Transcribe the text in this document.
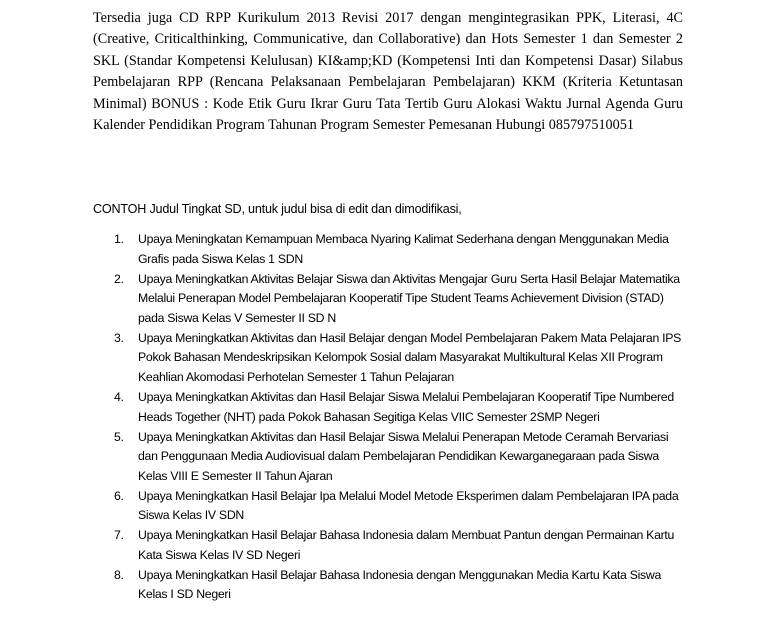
Tersedia juga CD RPP Kurikulum 2013 Revisi 2017 dengan mengintegrasikan PPK, Literasi, 4C (Creative, Criticalthinking, Communicative, dan Collaborative) dan Hots Semester 1 dan Semester 2 SKL (Standar Kompetensi Kelulusan) KI&amp;KD (Kompetensi Inti dan Kompetensi Dasar) Silabus Pembelajaran RPP (Rencana Pelaksanaan Pembelajaran Pembelajaran) KKM (Kriteria Ketuntasan Minimal) BONUS : Kode Etik Guru Ikrar Guru Tata Tertib Guru Alokasi Waktu Jurnal Agenda Guru Kalender Pendidikan Program Tahunan Program Semester Pemesanan Hubungi 085797510051

CONTOH Judul Tingkat SD, untuk judul bisa di edit dan dimodifikasi,

1. Upaya Meningkatan Kemampuan Membaca Nyaring Kalimat Sederhana dengan Menggunakan Media Grafis pada Siswa Kelas 1 SDN
2. Upaya Meningkatkan Aktivitas Belajar Siswa dan Aktivitas Mengajar Guru Serta Hasil Belajar Matematika Melalui Penerapan Model Pembelajaran Kooperatif Tipe Student Teams Achievement Division (STAD) pada Siswa Kelas V Semester II SD N
3. Upaya Meningkatkan Aktivitas dan Hasil Belajar dengan Model Pembelajaran Pakem Mata Pelajaran IPS Pokok Bahasan Mendeskripsikan Kelompok Sosial dalam Masyarakat Multikultural Kelas XII Program Keahlian Akomodasi Perhotelan Semester 1 Tahun Pelajaran
4. Upaya Meningkatkan Aktivitas dan Hasil Belajar Siswa Melalui Pembelajaran Kooperatif Tipe Numbered Heads Together (NHT) pada Pokok Bahasan Segitiga Kelas VIIC Semester 2SMP Negeri
5. Upaya Meningkatkan Aktivitas dan Hasil Belajar Siswa Melalui Penerapan Metode Ceramah Bervariasi dan Penggunaan Media Audiovisual dalam Pembelajaran Pendidikan Kewarganegaraan pada Siswa Kelas VIII E Semester II Tahun Ajaran
6. Upaya Meningkatkan Hasil Belajar Ipa Melalui Model Metode Eksperimen dalam Pembelajaran IPA pada Siswa Kelas IV SDN
7. Upaya Meningkatkan Hasil Belajar Bahasa Indonesia dalam Membuat Pantun dengan Permainan Kartu Kata Siswa Kelas IV SD Negeri
8. Upaya Meningkatkan Hasil Belajar Bahasa Indonesia dengan Menggunakan Media Kartu Kata Siswa Kelas I SD Negeri
